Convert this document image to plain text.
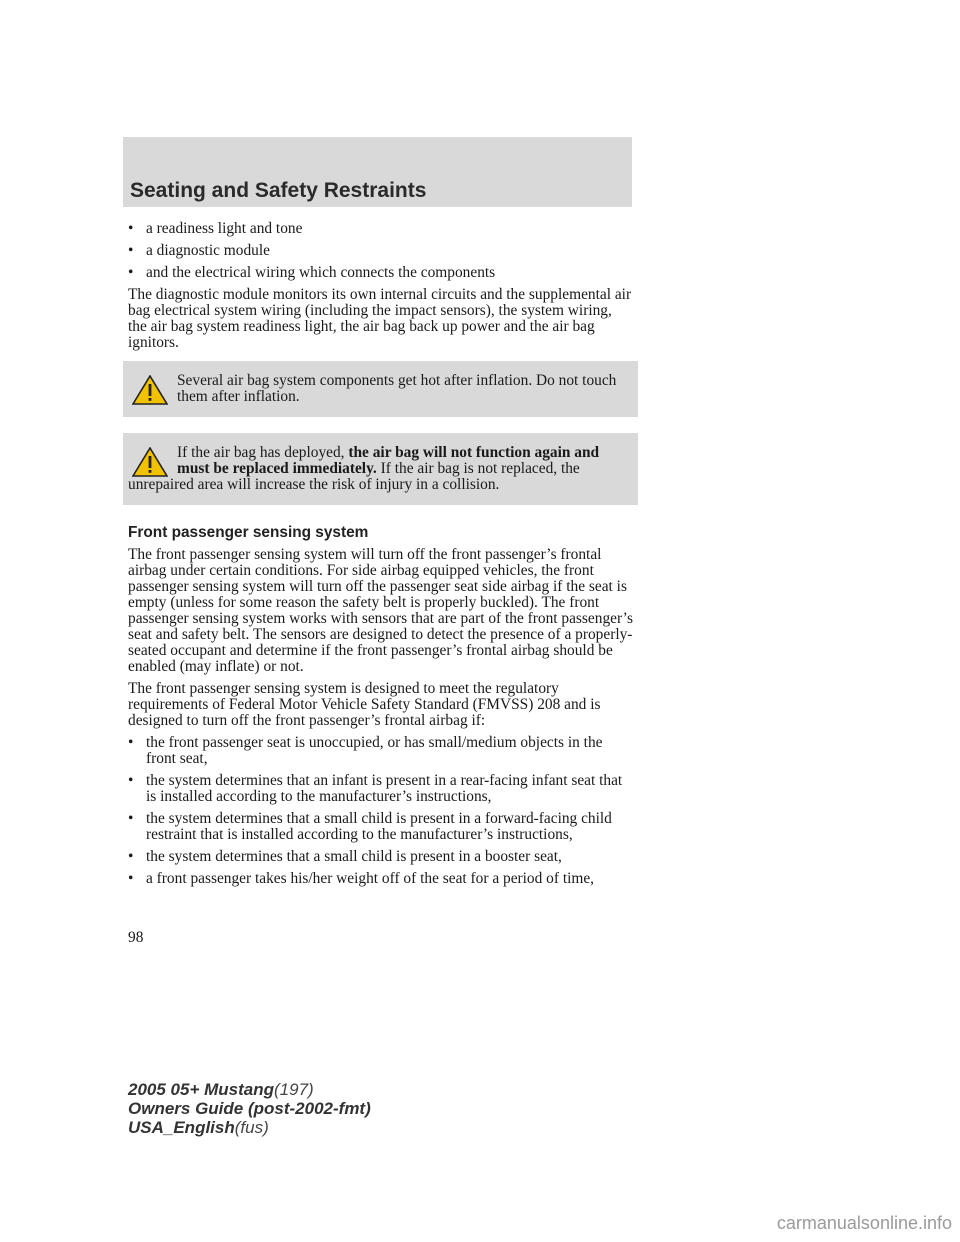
Seating and Safety Restraints

• a readiness light and tone

• a diagnostic module

• and the electrical wiring which connects the components

The diagnostic module monitors its own internal circuits and the supplemental air bag electrical system wiring (including the impact sensors), the system wiring, the air bag system readiness light, the air bag back up power and the air bag ignitors.

Several air bag system components get hot after inflation. Do not touch them after inflation.

If the air bag has deployed, the air bag will not function again and must be replaced immediately. If the air bag is not replaced, the unrepaired area will increase the risk of injury in a collision.

Front passenger sensing system

The front passenger sensing system will turn off the front passenger’s frontal airbag under certain conditions. For side airbag equipped vehicles, the front passenger sensing system will turn off the passenger seat side airbag if the seat is empty (unless for some reason the safety belt is properly buckled). The front passenger sensing system works with sensors that are part of the front passenger’s seat and safety belt. The sensors are designed to detect the presence of a properly-seated occupant and determine if the front passenger’s frontal airbag should be enabled (may inflate) or not.

The front passenger sensing system is designed to meet the regulatory requirements of Federal Motor Vehicle Safety Standard (FMVSS) 208 and is designed to turn off the front passenger’s frontal airbag if:

• the front passenger seat is unoccupied, or has small/medium objects in the front seat,

• the system determines that an infant is present in a rear-facing infant seat that is installed according to the manufacturer’s instructions,

• the system determines that a small child is present in a forward-facing child restraint that is installed according to the manufacturer’s instructions,

• the system determines that a small child is present in a booster seat,

• a front passenger takes his/her weight off of the seat for a period of time,

98
2005 05+ Mustang(197)
Owners Guide (post-2002-fmt)
USA_English(fus)
carmanualsonline.info
